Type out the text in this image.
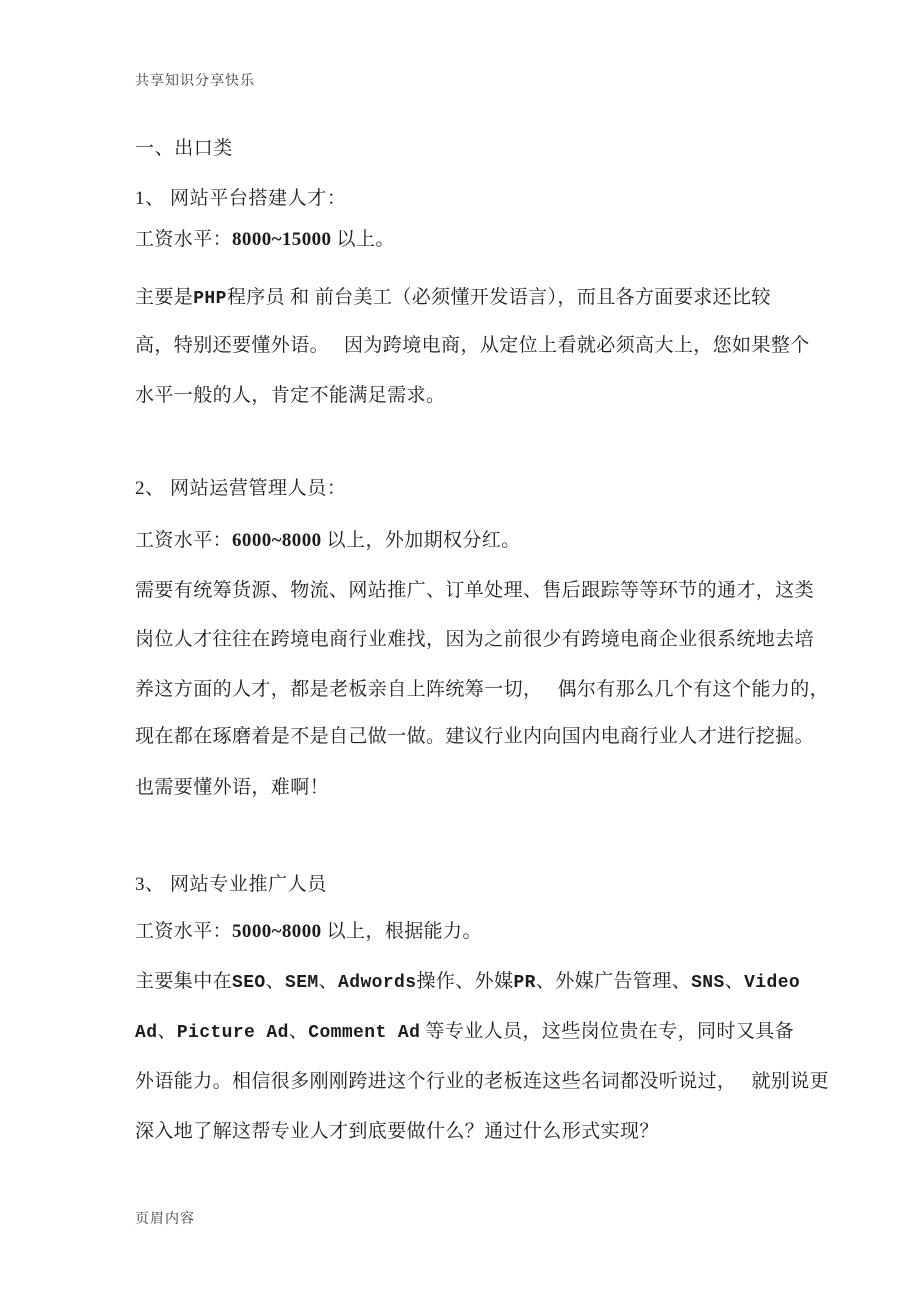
共享知识分享快乐
一、出口类
1、 网站平台搭建人才：
工资水平：8000~15000 以上。
主要是PHP程序员 和 前台美工（必须懂开发语言），而且各方面要求还比较
高，特别还要懂外语。　 因为跨境电商，从定位上看就必须高大上，您如果整个
水平一般的人，肯定不能满足需求。
2、 网站运营管理人员：
工资水平：6000~8000 以上，外加期权分红。
需要有统筹货源、物流、网站推广、订单处理、售后跟踪等等环节的通才，这类
岗位人才往往在跨境电商行业难找，因为之前很少有跨境电商企业很系统地去培
养这方面的人才，都是老板亲自上阵统筹一切，　 偶尔有那么几个有这个能力的，
现在都在琢磨着是不是自己做一做。建议行业内向国内电商行业人才进行挖掘。
也需要懂外语，难啊！
3、 网站专业推广人员
工资水平：5000~8000 以上，根据能力。
主要集中在SEO、SEM、Adwords操作、外媒PR、外媒广告管理、SNS、Video
Ad、Picture Ad、Comment Ad 等专业人员，这些岗位贵在专，同时又具备
外语能力。相信很多刚刚跨进这个行业的老板连这些名词都没听说过，　 就别说更
深入地了解这帮专业人才到底要做什么？通过什么形式实现？
页眉内容
